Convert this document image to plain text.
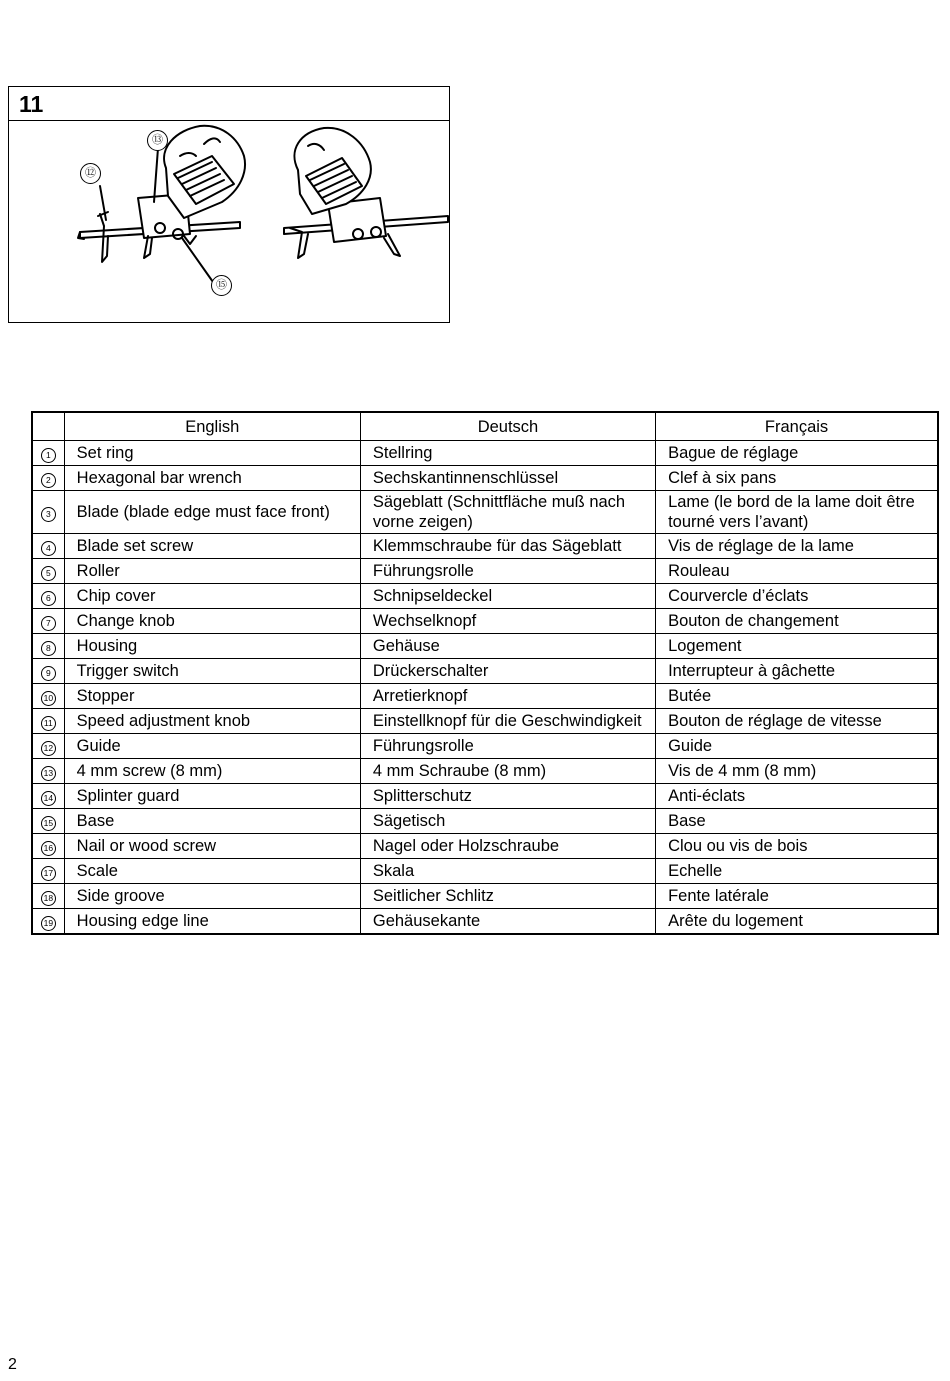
11
⑫
⑬
⑮
	English	Deutsch	Français
1	Set ring	Stellring	Bague de réglage
2	Hexagonal bar wrench	Sechskantinnenschlüssel	Clef à six pans
3	Blade (blade edge must face front)	Sägeblatt (Schnittfläche muß nach vorne zeigen)	Lame (le bord de la lame doit être tourné vers l’avant)
4	Blade set screw	Klemmschraube für das Sägeblatt	Vis de réglage de la lame
5	Roller	Führungsrolle	Rouleau
6	Chip cover	Schnipseldeckel	Courvercle d’éclats
7	Change knob	Wechselknopf	Bouton de changement
8	Housing	Gehäuse	Logement
9	Trigger switch	Drückerschalter	Interrupteur à gâchette
10	Stopper	Arretierknopf	Butée
11	Speed adjustment knob	Einstellknopf für die Geschwindigkeit	Bouton de réglage de vitesse
12	Guide	Führungsrolle	Guide
13	4 mm screw (8 mm)	4 mm Schraube (8 mm)	Vis de 4 mm (8 mm)
14	Splinter guard	Splitterschutz	Anti-éclats
15	Base	Sägetisch	Base
16	Nail or wood screw	Nagel oder Holzschraube	Clou ou vis de bois
17	Scale	Skala	Echelle
18	Side groove	Seitlicher Schlitz	Fente latérale
19	Housing edge line	Gehäusekante	Arête du logement
2
